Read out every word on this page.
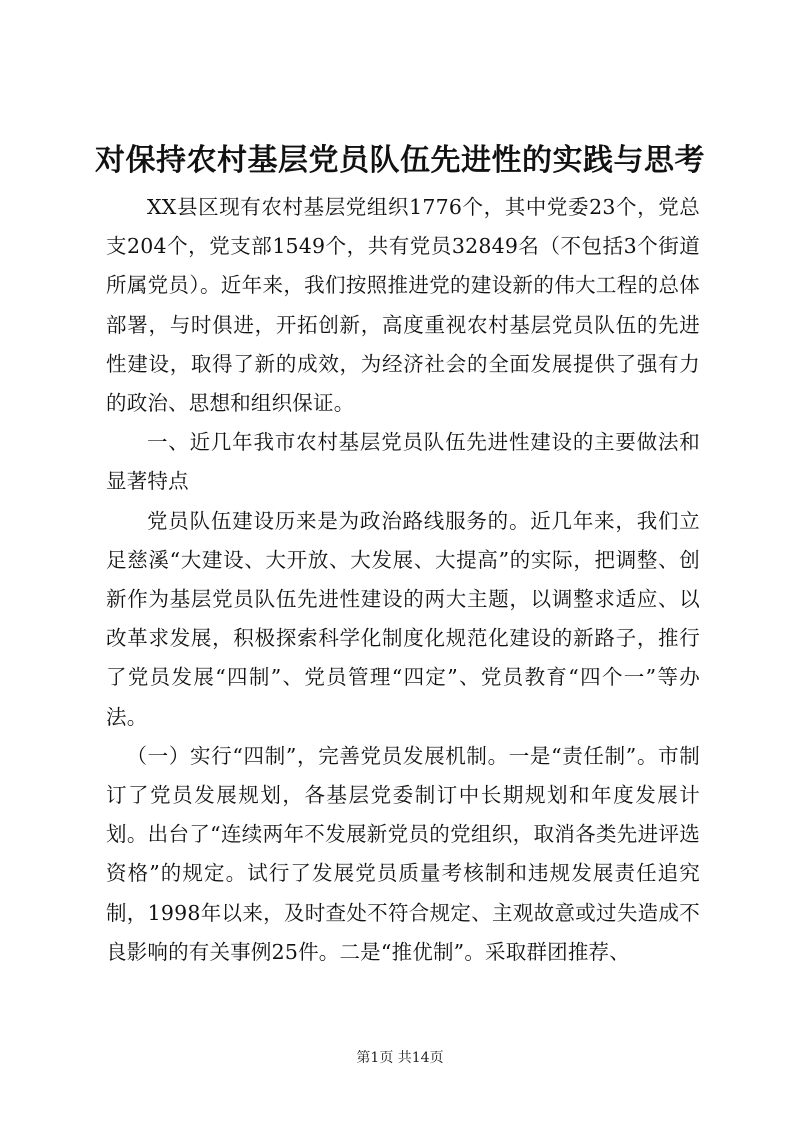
对保持农村基层党员队伍先进性的实践与思考

XX县区现有农村基层党组织1776个，其中党委23个，党总支204个，党支部1549个，共有党员32849名（不包括3个街道所属党员）。近年来，我们按照推进党的建设新的伟大工程的总体部署，与时俱进，开拓创新，高度重视农村基层党员队伍的先进性建设，取得了新的成效，为经济社会的全面发展提供了强有力的政治、思想和组织保证。

一、近几年我市农村基层党员队伍先进性建设的主要做法和显著特点

党员队伍建设历来是为政治路线服务的。近几年来，我们立足慈溪“大建设、大开放、大发展、大提高”的实际，把调整、创新作为基层党员队伍先进性建设的两大主题，以调整求适应、以改革求发展，积极探索科学化制度化规范化建设的新路子，推行了党员发展“四制”、党员管理“四定”、党员教育“四个一”等办法。

（一）实行“四制”，完善党员发展机制。一是“责任制”。市制订了党员发展规划，各基层党委制订中长期规划和年度发展计划。出台了“连续两年不发展新党员的党组织，取消各类先进评选资格”的规定。试行了发展党员质量考核制和违规发展责任追究制，1998年以来，及时查处不符合规定、主观故意或过失造成不良影响的有关事例25件。二是“推优制”。采取群团推荐、

第1页 共14页
